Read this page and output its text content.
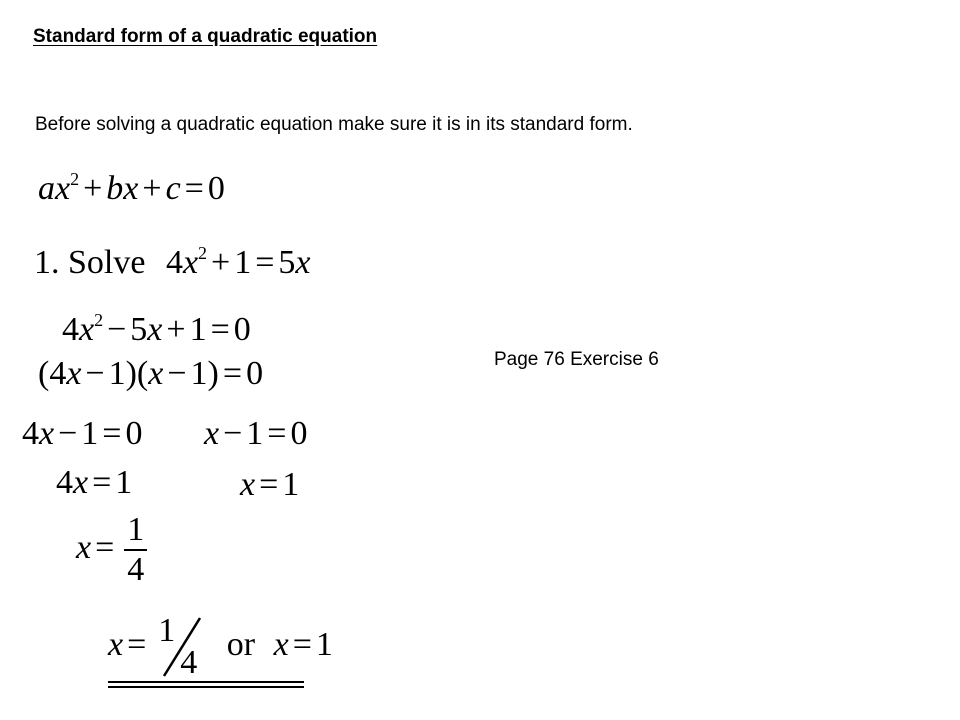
Standard form of a quadratic equation
Before solving a quadratic equation make sure it is in its standard form.
Page 76 Exercise 6
$ax^2$ + bx + c = 0
1. Solve $4x^2 + 1 = 5x$
$4x^2 - 5x + 1 = 0$
(4x − 1)(x − 1) = 0
4x − 1 = 0 x − 1 = 0
4x = 1	x = 1
$x = \frac{1}{4}$
x = 1
4 or x = 1
